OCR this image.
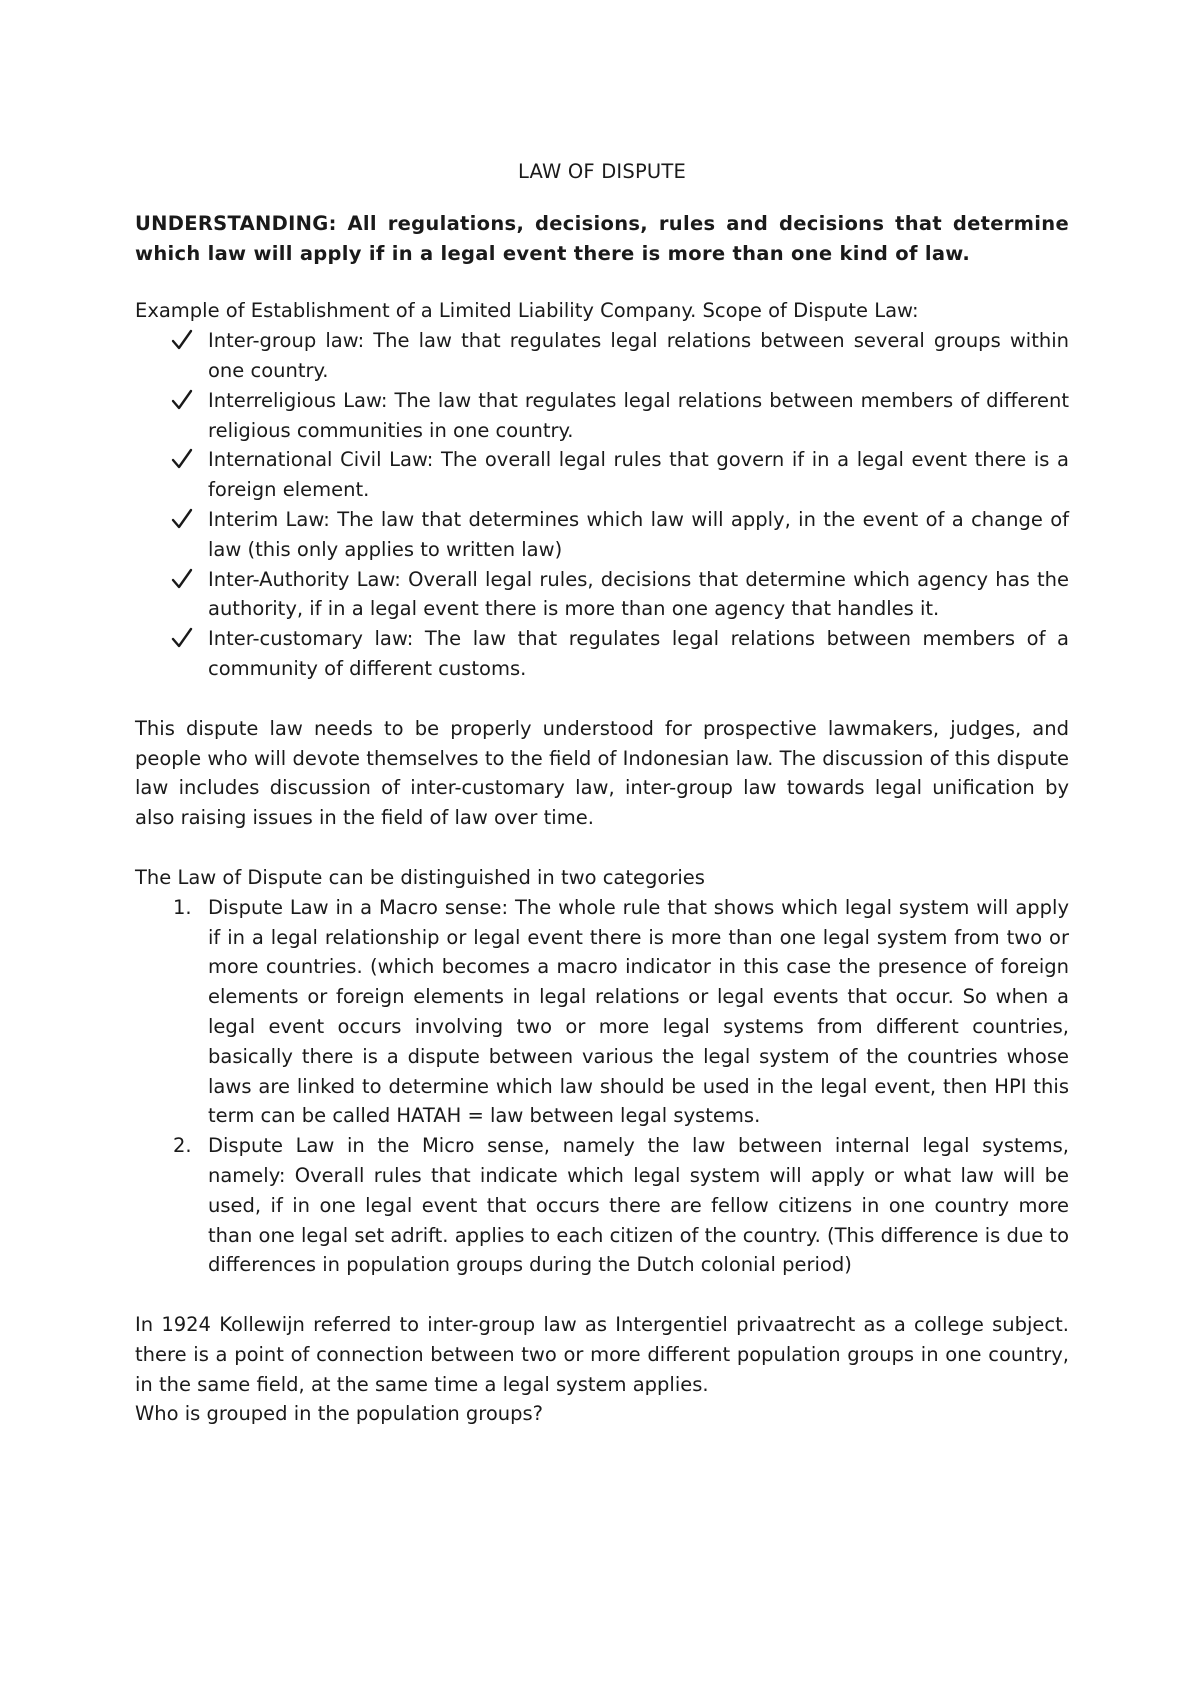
LAW OF DISPUTE

UNDERSTANDING: All regulations, decisions, rules and decisions that determine which law will apply if in a legal event there is more than one kind of law.

Example of Establishment of a Limited Liability Company. Scope of Dispute Law:

Inter-group law: The law that regulates legal relations between several groups within one country.
Interreligious Law: The law that regulates legal relations between members of different religious communities in one country.
International Civil Law: The overall legal rules that govern if in a legal event there is a foreign element.
Interim Law: The law that determines which law will apply, in the event of a change of law (this only applies to written law)
Inter-Authority Law: Overall legal rules, decisions that determine which agency has the authority, if in a legal event there is more than one agency that handles it.
Inter-customary law: The law that regulates legal relations between members of a community of different customs.

This dispute law needs to be properly understood for prospective lawmakers, judges, and people who will devote themselves to the field of Indonesian law. The discussion of this dispute law includes discussion of inter-customary law, inter-group law towards legal unification by also raising issues in the field of law over time.

The Law of Dispute can be distinguished in two categories

1. Dispute Law in a Macro sense: The whole rule that shows which legal system will apply if in a legal relationship or legal event there is more than one legal system from two or more countries. (which becomes a macro indicator in this case the presence of foreign elements or foreign elements in legal relations or legal events that occur. So when a legal event occurs involving two or more legal systems from different countries, basically there is a dispute between various the legal system of the countries whose laws are linked to determine which law should be used in the legal event, then HPI this term can be called HATAH = law between legal systems.
2. Dispute Law in the Micro sense, namely the law between internal legal systems, namely: Overall rules that indicate which legal system will apply or what law will be used, if in one legal event that occurs there are fellow citizens in one country more than one legal set adrift. applies to each citizen of the country. (This difference is due to differences in population groups during the Dutch colonial period)

In 1924 Kollewijn referred to inter-group law as Intergentiel privaatrecht as a college subject. there is a point of connection between two or more different population groups in one country, in the same field, at the same time a legal system applies.

Who is grouped in the population groups?
